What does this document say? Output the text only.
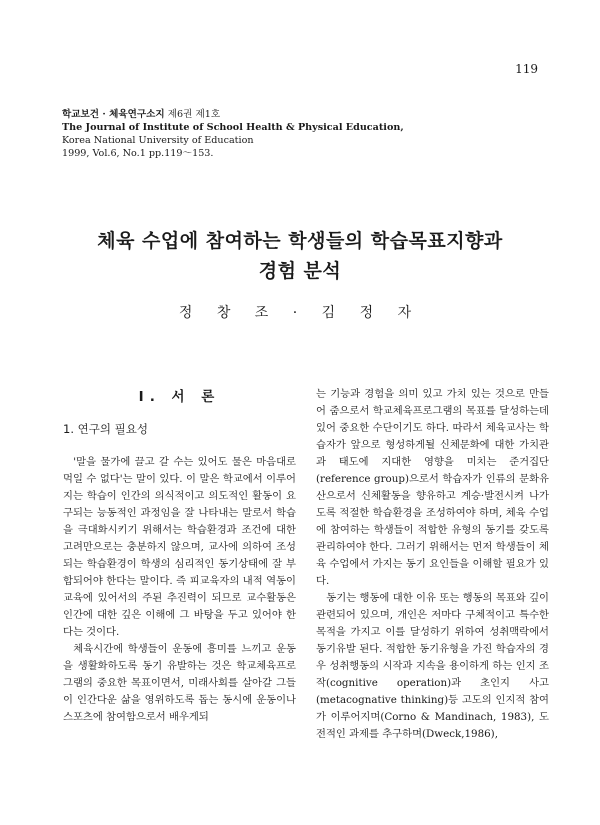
119
학교보건 · 체육연구소지 제6권 제1호
The Journal of Institute of School Health & Physical Education,
Korea National University of Education
1999, Vol.6, No.1 pp.119～153.
체육 수업에 참여하는 학생들의 학습목표지향과
경험 분석
정 창 조 · 김 정 자
Ⅰ. 서 론
1. 연구의 필요성

'말을 물가에 끌고 갈 수는 있어도 물은 마음대로 먹일 수 없다'는 말이 있다. 이 말은 학교에서 이루어지는 학습이 인간의 의식적이고 의도적인 활동이 요구되는 능동적인 과정임을 잘 나타내는 말로서 학습을 극대화시키기 위해서는 학습환경과 조건에 대한 고려만으로는 충분하지 않으며, 교사에 의하여 조성되는 학습환경이 학생의 심리적인 동기상태에 잘 부합되어야 한다는 말이다. 즉 피교육자의 내적 역동이 교육에 있어서의 주된 추진력이 되므로 교수활동은 인간에 대한 깊은 이해에 그 바탕을 두고 있어야 한다는 것이다.

체육시간에 학생들이 운동에 흥미를 느끼고 운동을 생활화하도록 동기 유발하는 것은 학교체육프로그램의 중요한 목표이면서, 미래사회를 살아갈 그들이 인간다운 삶을 영위하도록 돕는 동시에 운동이나 스포츠에 참여함으로서 배우게되

는 기능과 경험을 의미 있고 가치 있는 것으로 만들어 줌으로서 학교체육프로그램의 목표를 달성하는데 있어 중요한 수단이기도 하다. 따라서 체육교사는 학습자가 앞으로 형성하게될 신체문화에 대한 가치관과 태도에 지대한 영향을 미치는 준거집단(reference group)으로서 학습자가 인류의 문화유산으로서 신체활동을 향유하고 계승·발전시켜 나가도록 적절한 학습환경을 조성하여야 하며, 체육 수업에 참여하는 학생들이 적합한 유형의 동기를 갖도록 관리하여야 한다. 그러기 위해서는 먼저 학생들이 체육 수업에서 가지는 동기 요인들을 이해할 필요가 있다.

동기는 행동에 대한 이유 또는 행동의 목표와 깊이 관련되어 있으며, 개인은 저마다 구체적이고 특수한 목적을 가지고 이를 달성하기 위하여 성취맥락에서 동기유발 된다. 적합한 동기유형을 가진 학습자의 경우 성취행동의 시작과 지속을 용이하게 하는 인지 조작(cognitive operation)과 초인지 사고(metacognative thinking)등 고도의 인지적 참여가 이루어지며(Corno & Mandinach, 1983), 도전적인 과제를 추구하며(Dweck,1986),
